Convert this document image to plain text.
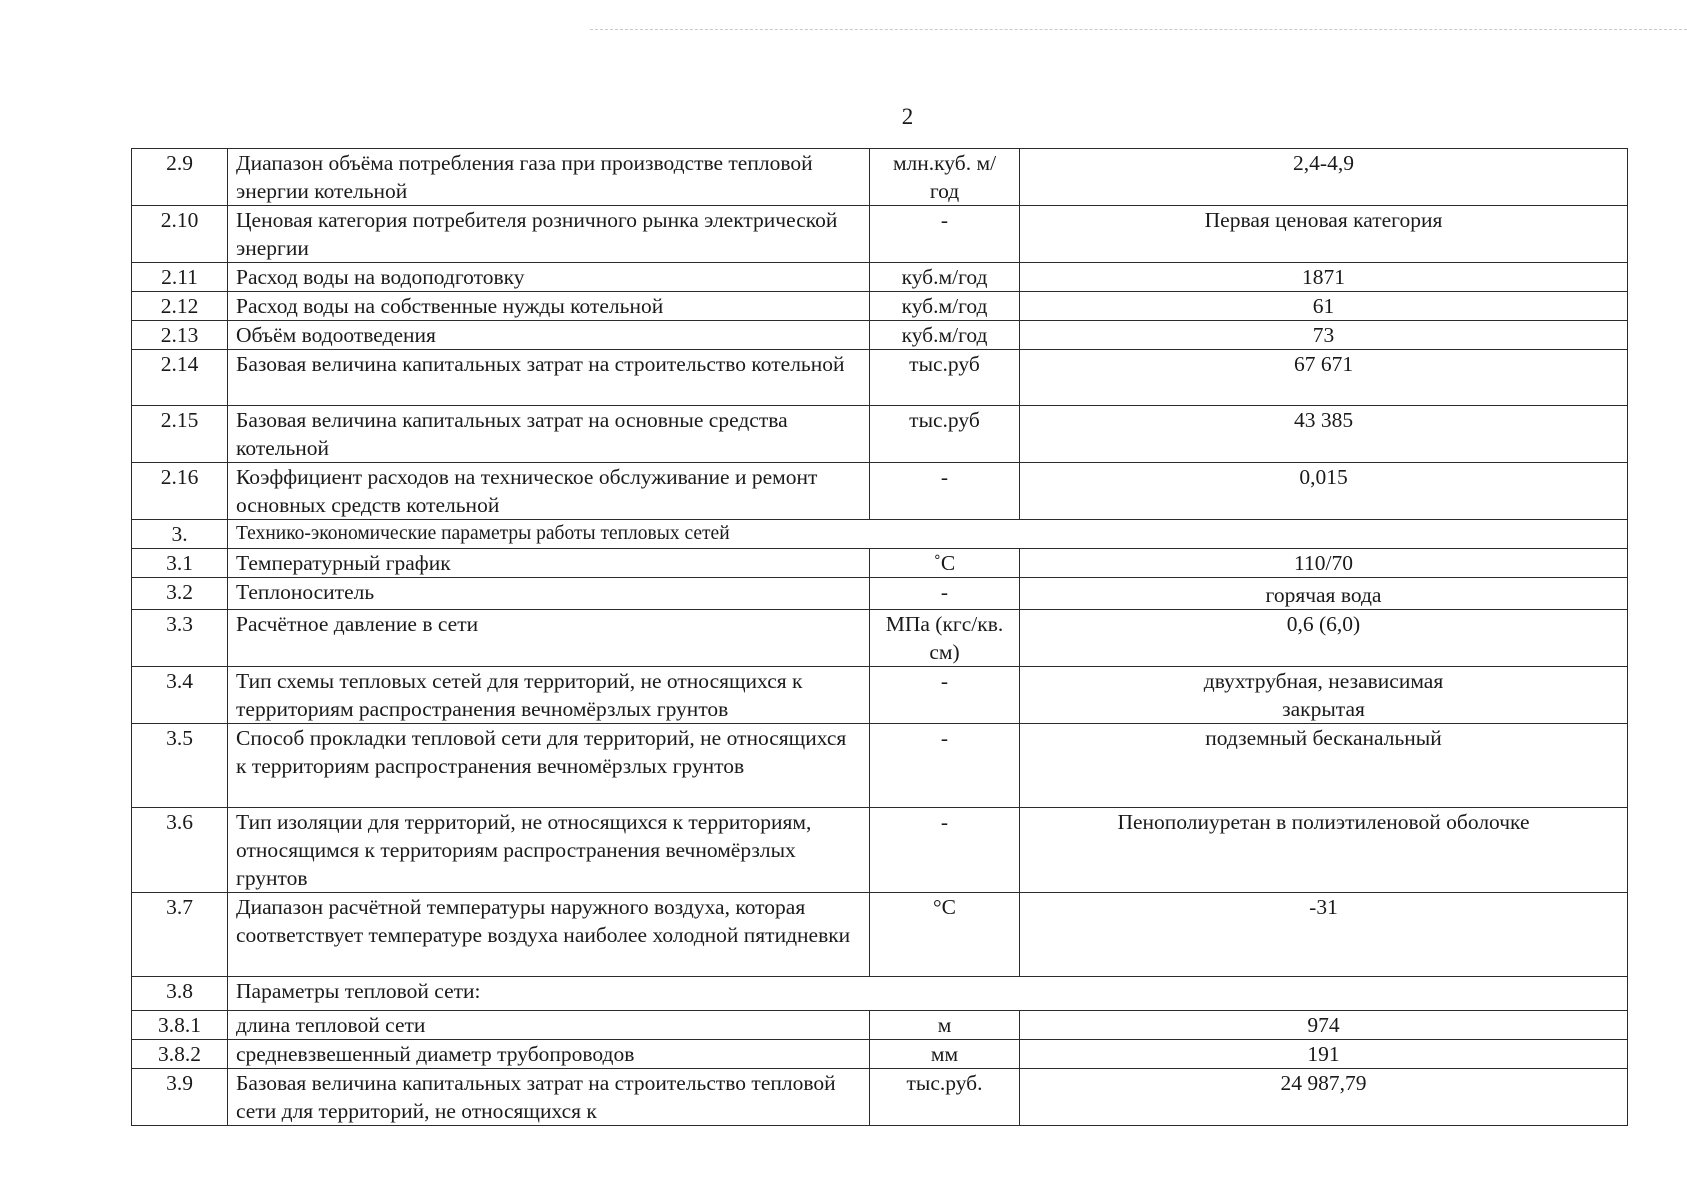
2
2.9	Диапазон объёма потребления газа при производстве тепловой энергии котельной	млн.куб. м/ год	2,4-4,9
2.10	Ценовая категория потребителя розничного рынка электрической энергии	-	Первая ценовая категория
2.11	Расход воды на водоподготовку	куб.м/год	1871
2.12	Расход воды на собственные нужды котельной	куб.м/год	61
2.13	Объём водоотведения	куб.м/год	73
2.14	Базовая величина капитальных затрат на строительство котельной	тыс.руб	67 671
2.15	Базовая величина капитальных затрат на основные средства котельной	тыс.руб	43 385
2.16	Коэффициент расходов на техническое обслуживание и ремонт основных средств котельной	-	0,015
3.	Технико-экономические параметры работы тепловых сетей		
3.1	Температурный график	˚С	110/70
3.2	Теплоноситель	-	горячая вода
3.3	Расчётное давление в сети	МПа (кгс/кв. см)	0,6 (6,0)
3.4	Тип схемы тепловых сетей для территорий, не относящихся к территориям распространения вечномёрзлых грунтов	-	двухтрубная, независимая закрытая

3.5	Способ прокладки тепловой сети для территорий, не относящихся к территориям распространения вечномёрзлых грунтов	-	подземный бесканальный
3.6	Тип изоляции для территорий, не относящихся к территориям, относящимся к территориям распространения вечномёрзлых грунтов	-	Пенополиуретан в полиэтиленовой оболочке
3.7	Диапазон расчётной температуры наружного воздуха, которая соответствует температуре воздуха наиболее холодной пятидневки	°С	-31
3.8	Параметры тепловой сети:		
3.8.1	длина тепловой сети	м	974
3.8.2	средневзвешенный диаметр трубопроводов	мм	191
3.9	Базовая величина капитальных затрат на строительство тепловой сети для территорий, не относящихся к	тыс.руб.	24 987,79
